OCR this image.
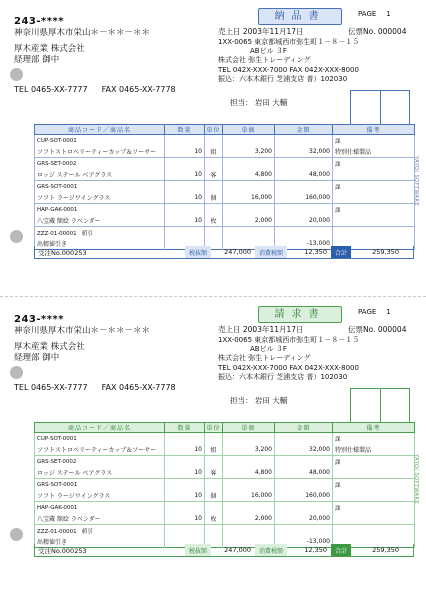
YAYOI SOFTWARE
243-****
神奈川県厚木市栄山＊－＊＊－＊＊
厚木産業 株式会社
経理部 御中
TEL 0465-XX-7777 FAX 0465-XX-7778
納品書	PAGE 1
売上日 2003年11月17日	伝票No. 000004
1XX-0065 東京都城西市弥生町１－８－１５
ABビル ３F
株式会社 弥生トレーディング
TEL 042X-XXX-7000 FAX 042X-XXX-8000
振込：六本木銀行 芝浦支店 普）102030
担当： 岩田 大輔
商品コード／商品名	数量	単位	単価	金額	備考
CUP-SOT-0001					課
ソフトストロベリーティーカップ＆ソーサー	10	組	3,200	32,000	特別仕様製品
GRS-SET-0002					課
ロッジ ステール ベアグラス	10	客	4,800	48,000	
GRS-SOT-0001					課
ソフト ラージワイングラス	10	個	16,000	160,000	
HAP-GAK-0001					課
八宝蔵 額絵 ラベンダー	10	枚	2,000	20,000	
ZZZ-01-00001 値引					
出精値引き				-13,000	
受注No.000253	税抜額	247,000	消費税額	12,350	合計	259,350
YAYOI SOFTWARE
243-****
神奈川県厚木市栄山＊－＊＊－＊＊
厚木産業 株式会社
経理部 御中
TEL 0465-XX-7777 FAX 0465-XX-7778
請求書	PAGE 1
売上日 2003年11月17日	伝票No. 000004
1XX-0065 東京都城西市弥生町１－８－１５
ABビル ３F
株式会社 弥生トレーディング
TEL 042X-XXX-7000 FAX 042X-XXX-8000
振込：六本木銀行 芝浦支店 普）102030
担当： 岩田 大輔
商品コード／商品名	数量	単位	単価	金額	備考
CUP-SOT-0001					課
ソフトストロベリーティーカップ＆ソーサー	10	組	3,200	32,000	特別仕様製品
GRS-SET-0002					課
ロッジ ステール ベアグラス	10	客	4,800	48,000	
GRS-SOT-0001					課
ソフト ラージワイングラス	10	個	16,000	160,000	
HAP-GAK-0001					課
八宝蔵 額絵 ラベンダー	10	枚	2,000	20,000	
ZZZ-01-00001 値引					
出精値引き				-13,000	
受注No.000253	税抜額	247,000	消費税額	12,350	合計	259,350
